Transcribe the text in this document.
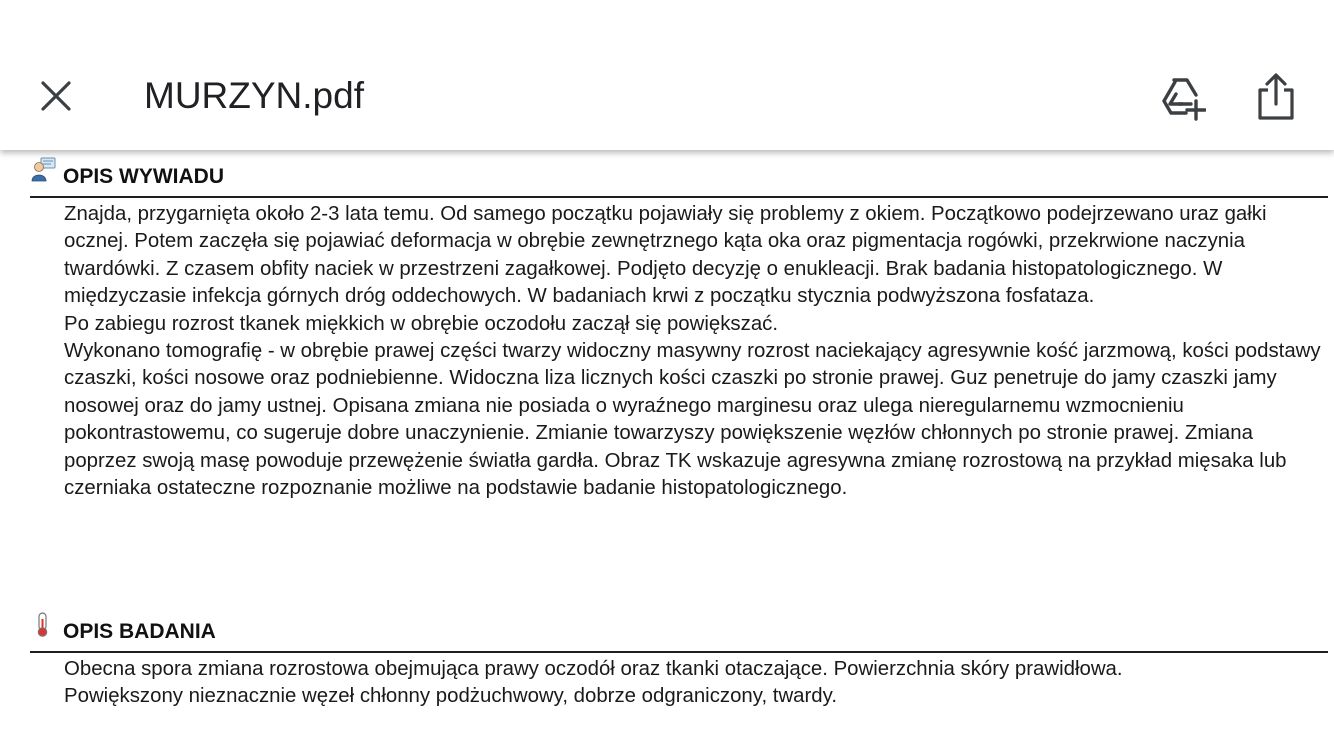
MURZYN.pdf
OPIS WYWIADU

Znajda, przygarnięta około 2-3 lata temu. Od samego początku pojawiały się problemy z okiem. Początkowo podejrzewano uraz gałki ocznej. Potem zaczęła się pojawiać deformacja w obrębie zewnętrznego kąta oka oraz pigmentacja rogówki, przekrwione naczynia twardówki. Z czasem obfity naciek w przestrzeni zagałkowej. Podjęto decyzję o enukleacji. Brak badania histopatologicznego. W międzyczasie infekcja górnych dróg oddechowych. W badaniach krwi z początku stycznia podwyższona fosfataza.

Po zabiegu rozrost tkanek miękkich w obrębie oczodołu zaczął się powiększać.

Wykonano tomografię - w obrębie prawej części twarzy widoczny masywny rozrost naciekający agresywnie kość jarzmową, kości podstawy czaszki, kości nosowe oraz podniebienne. Widoczna liza licznych kości czaszki po stronie prawej. Guz penetruje do jamy czaszki jamy nosowej oraz do jamy ustnej. Opisana zmiana nie posiada o wyraźnego marginesu oraz ulega nieregularnemu wzmocnieniu pokontrastowemu, co sugeruje dobre unaczynienie. Zmianie towarzyszy powiększenie węzłów chłonnych po stronie prawej. Zmiana poprzez swoją masę powoduje przewężenie światła gardła. Obraz TK wskazuje agresywna zmianę rozrostową na przykład mięsaka lub czerniaka ostateczne rozpoznanie możliwe na podstawie badanie histopatologicznego.

OPIS BADANIA

Obecna spora zmiana rozrostowa obejmująca prawy oczodół oraz tkanki otaczające. Powierzchnia skóry prawidłowa.

Powiększony nieznacznie węzeł chłonny podżuchwowy, dobrze odgraniczony, twardy.
